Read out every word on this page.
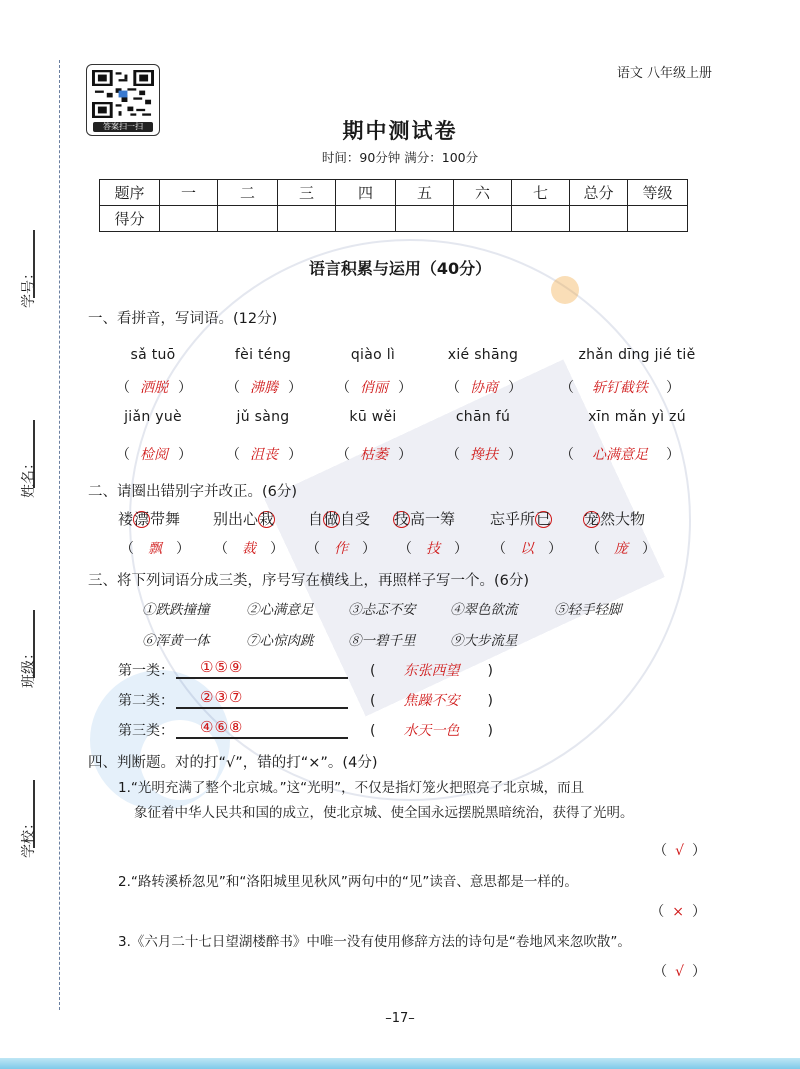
学号：
姓名：
班级：
学校：
答案扫一扫
语文 八年级上册
期中测试卷
时间：90分钟 满分：100分
题序	一	二	三	四	五	六	七	总分	等级
得分									
语言积累与运用（40分）
一、看拼音，写词语。(12分)
sǎ tuō	fèi téng	qiào lì	xié shāng	zhǎn dīng jié tiě
（ 洒脱 ） （ 沸腾 ） （ 俏丽 ） （ 协商 ）	（ 斩钉截铁 ）
jiǎn yuè	jǔ sàng	kū wěi	chān fú	xīn mǎn yì zú
（ 检阅 ） （ 沮丧 ） （ 枯萎 ） （ 搀扶 ）	（ 心满意足 ）
二、请圈出错别字并改正。(6分)
褛漂带舞 别出心栽 自做自受 技高一筹 忘乎所已 宠然大物
（ 飘 ） （ 裁 ） （ 作 ） （ 技 ） （ 以 ） （ 庞 ）
三、将下列词语分成三类，序号写在横线上，再照样子写一个。(6分)
①跌跌撞撞	②心满意足	③忐忑不安	④翠色欲流	⑤轻手轻脚
⑥浑黄一体	⑦心惊肉跳	⑧一碧千里	⑨大步流星
第一类： ①⑤⑨	( 东张西望 )
第二类： ②③⑦	( 焦躁不安 )
第三类： ④⑥⑧	( 水天一色 )
四、判断题。对的打“√”，错的打“×”。(4分)
1.“光明充满了整个北京城。”这“光明”，不仅是指灯笼火把照亮了北京城，而且
象征着中华人民共和国的成立，使北京城、使全国永远摆脱黑暗统治，获得了光明。
（ √ ）
2.“路转溪桥忽见”和“洛阳城里见秋风”两句中的“见”读音、意思都是一样的。
（ × ）
3.《六月二十七日望湖楼醉书》中唯一没有使用修辞方法的诗句是“卷地风来忽吹散”。
（ √ ）
–17–
